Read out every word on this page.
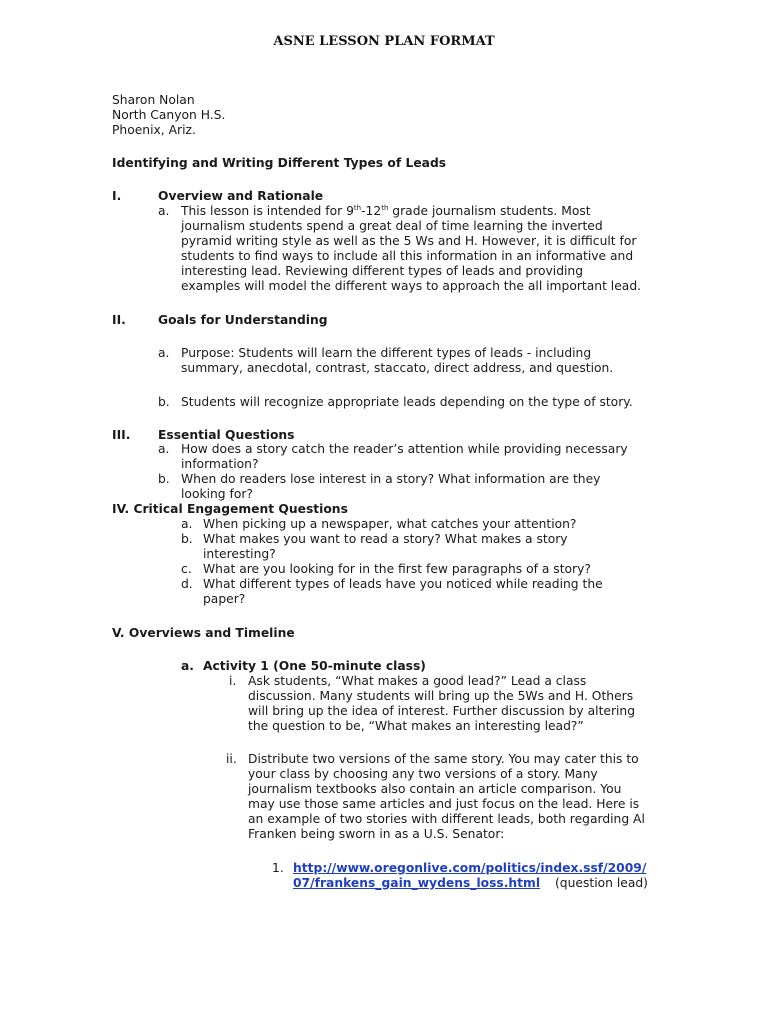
ASNE LESSON PLAN FORMAT
Sharon Nolan
North Canyon H.S.
Phoenix, Ariz.
Identifying and Writing Different Types of Leads
I.	Overview and Rationale
a. This lesson is intended for 9th-12th grade journalism students. Most
journalism students spend a great deal of time learning the inverted
pyramid writing style as well as the 5 Ws and H. However, it is difficult for
students to find ways to include all this information in an informative and
interesting lead. Reviewing different types of leads and providing
examples will model the different ways to approach the all important lead.
II.	Goals for Understanding
a. Purpose: Students will learn the different types of leads - including
summary, anecdotal, contrast, staccato, direct address, and question.
b. Students will recognize appropriate leads depending on the type of story.
III. Essential Questions
a. How does a story catch the reader’s attention while providing necessary
information?
b. When do readers lose interest in a story? What information are they
looking for?
IV. Critical Engagement Questions
a. When picking up a newspaper, what catches your attention?
b. What makes you want to read a story? What makes a story
interesting?
c. What are you looking for in the first few paragraphs of a story?
d. What different types of leads have you noticed while reading the
paper?
V. Overviews and Timeline
a. Activity 1 (One 50-minute class)
i. Ask students, “What makes a good lead?” Lead a class
discussion. Many students will bring up the 5Ws and H. Others
will bring up the idea of interest. Further discussion by altering
the question to be, “What makes an interesting lead?”
ii. Distribute two versions of the same story. You may cater this to
your class by choosing any two versions of a story. Many
journalism textbooks also contain an article comparison. You
may use those same articles and just focus on the lead. Here is
an example of two stories with different leads, both regarding Al
Franken being sworn in as a U.S. Senator:
1. http://www.oregonlive.com/politics/index.ssf/2009/
07/frankens_gain_wydens_loss.html (question lead)
